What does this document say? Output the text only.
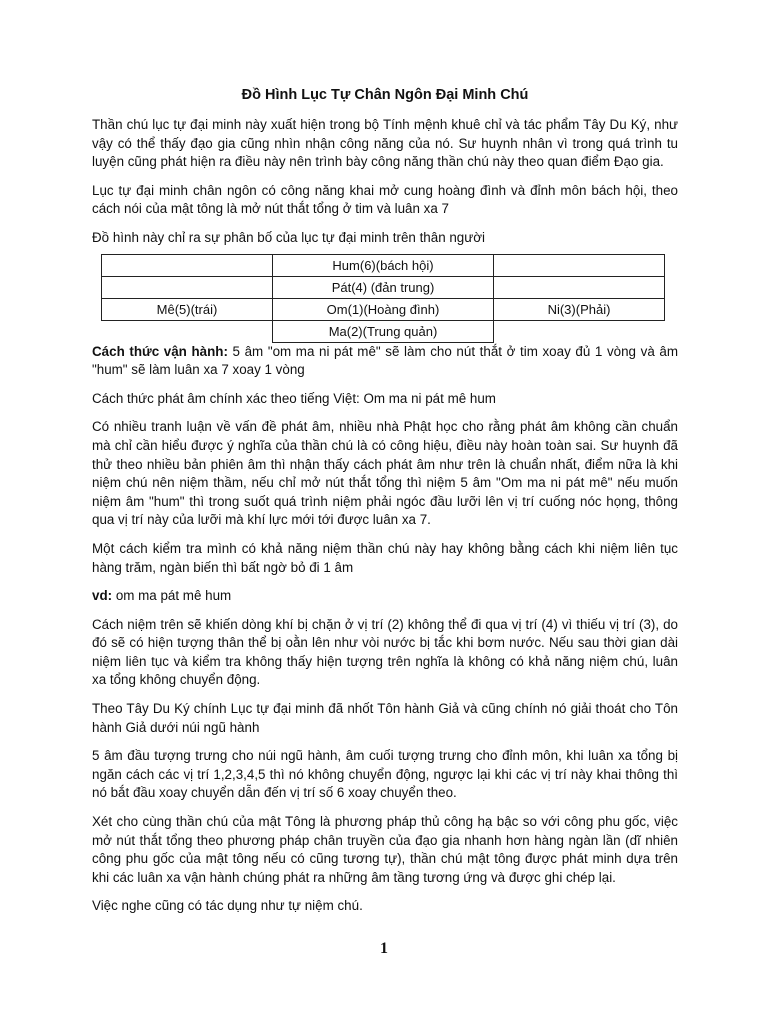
Đồ Hình Lục Tự Chân Ngôn Đại Minh Chú

Thần chú lục tự đại minh này xuất hiện trong bộ Tính mệnh khuê chỉ và tác phẩm Tây Du Ký, như vậy có thể thấy đạo gia cũng nhìn nhận công năng của nó. Sư huynh nhân vì trong quá trình tu luyện cũng phát hiện ra điều này nên trình bày công năng thần chú này theo quan điểm Đạo gia.

Lục tự đại minh chân ngôn có công năng khai mở cung hoàng đình và đỉnh môn bách hội, theo cách nói của mật tông là mở nút thắt tổng ở tim và luân xa 7

Đồ hình này chỉ ra sự phân bố của lục tự đại minh trên thân người

	Hum(6)(bách hội)	
	Pát(4) (đản trung)	
Mê(5)(trái)	Om(1)(Hoàng đình)	Ni(3)(Phải)
	Ma(2)(Trung quản)	

Cách thức vận hành: 5 âm "om ma ni pát mê" sẽ làm cho nút thắt ở tim xoay đủ 1 vòng và âm "hum" sẽ làm luân xa 7 xoay 1 vòng

Cách thức phát âm chính xác theo tiếng Việt: Om ma ni pát mê hum

Có nhiều tranh luận về vấn đề phát âm, nhiều nhà Phật học cho rằng phát âm không cần chuẩn mà chỉ cần hiểu được ý nghĩa của thần chú là có công hiệu, điều này hoàn toàn sai. Sư huynh đã thử theo nhiều bản phiên âm thì nhận thấy cách phát âm như trên là chuẩn nhất, điểm nữa là khi niệm chú nên niệm thầm, nếu chỉ mở nút thắt tổng thì niệm 5 âm "Om ma ni pát mê" nếu muốn niệm âm "hum" thì trong suốt quá trình niệm phải ngóc đầu lưỡi lên vị trí cuống nóc họng, thông qua vị trí này của lưỡi mà khí lực mới tới được luân xa 7.

Một cách kiểm tra mình có khả năng niệm thần chú này hay không bằng cách khi niệm liên tục hàng trăm, ngàn biến thì bất ngờ bỏ đi 1 âm

vd: om ma pát mê hum

Cách niệm trên sẽ khiến dòng khí bị chặn ở vị trí (2) không thể đi qua vị trí (4) vì thiếu vị trí (3), do đó sẽ có hiện tượng thân thể bị oằn lên như vòi nước bị tắc khi bơm nước. Nếu sau thời gian dài niệm liên tục và kiểm tra không thấy hiện tượng trên nghĩa là không có khả năng niệm chú, luân xa tổng không chuyển động.

Theo Tây Du Ký chính Lục tự đại minh đã nhốt Tôn hành Giả và cũng chính nó giải thoát cho Tôn hành Giả dưới núi ngũ hành

5 âm đầu tượng trưng cho núi ngũ hành, âm cuối tượng trưng cho đỉnh môn, khi luân xa tổng bị ngăn cách các vị trí 1,2,3,4,5 thì nó không chuyển động, ngược lại khi các vị trí này khai thông thì nó bắt đầu xoay chuyển dẫn đến vị trí số 6 xoay chuyển theo.

Xét cho cùng thần chú của mật Tông là phương pháp thủ công hạ bậc so với công phu gốc, việc mở nút thắt tổng theo phương pháp chân truyền của đạo gia nhanh hơn hàng ngàn lần (dĩ nhiên công phu gốc của mật tông nếu có cũng tương tự), thần chú mật tông được phát minh dựa trên khi các luân xa vận hành chúng phát ra những âm tầng tương ứng và được ghi chép lại.

Việc nghe cũng có tác dụng như tự niệm chú.

1
